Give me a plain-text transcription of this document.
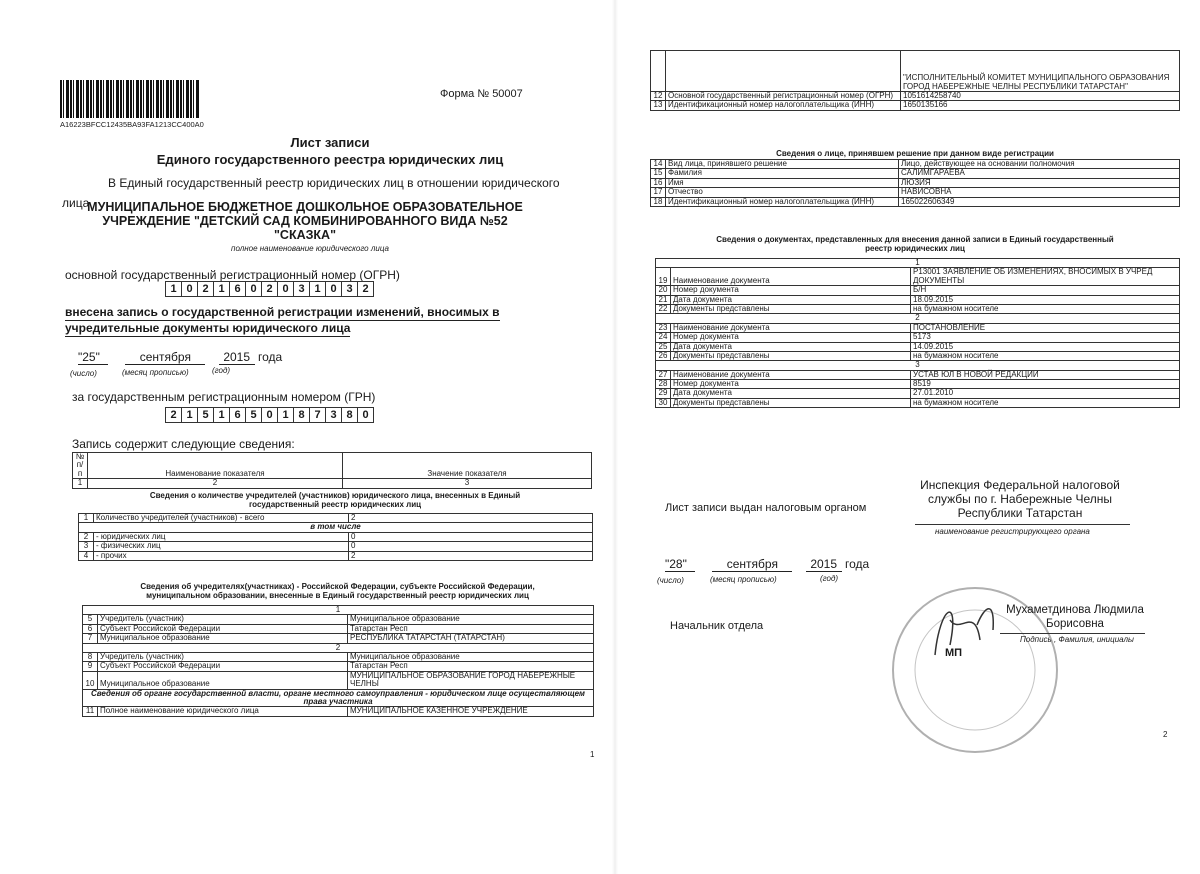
A16223BFCC12435BA93FA1213CC400A0
Форма № 50007
Лист записи
Единого государственного реестра юридических лиц
В Единый государственный реестр юридических лиц в отношении юридического
лица
МУНИЦИПАЛЬНОЕ БЮДЖЕТНОЕ ДОШКОЛЬНОЕ ОБРАЗОВАТЕЛЬНОЕ
УЧРЕЖДЕНИЕ "ДЕТСКИЙ САД КОМБИНИРОВАННОГО ВИДА №52
"СКАЗКА"
полное наименование юридического лица
основной государственный регистрационный номер (ОГРН)
1 0 2 1 6 0 2 0 3 1 0 3 2
внесена запись о государственной регистрации изменений, вносимых в
учредительные документы юридического лица
"25"	сентября	2015 года
(число)	(месяц прописью)	(год)
за государственным регистрационным номером (ГРН)
2 1 5 1 6 5 0 1 8 7 3 8 0
Запись содержит следующие сведения:
№ п/п	Наименование показателя	Значение показателя
1	2	3
Сведения о количестве учредителей (участников) юридического лица, внесенных в Единый
государственный реестр юридических лиц
1	Количество учредителей (участников) - всего	2
в том числе		
2	- юридических лиц	0
3	- физических лиц	0
4	- прочих	2
Сведения об учредителях(участниках) - Российской Федерации, субъекте Российской Федерации,
муниципальном образовании, внесенные в Единый государственный реестр юридических лиц
1		
5	Учредитель (участник)	Муниципальное образование
6	Субъект Российской Федерации	Татарстан Респ
7	Муниципальное образование	РЕСПУБЛИКА ТАТАРСТАН (ТАТАРСТАН)
2		
8	Учредитель (участник)	Муниципальное образование
9	Субъект Российской Федерации	Татарстан Респ
10	Муниципальное образование	МУНИЦИПАЛЬНОЕ ОБРАЗОВАНИЕ ГОРОД НАБЕРЕЖНЫЕ ЧЕЛНЫ
Сведения об органе государственной власти, органе местного самоуправления - юридическом лице осуществляющем права участника		
11	Полное наименование юридического лица	МУНИЦИПАЛЬНОЕ КАЗЕННОЕ УЧРЕЖДЕНИЕ
1
		"ИСПОЛНИТЕЛЬНЫЙ КОМИТЕТ МУНИЦИПАЛЬНОГО ОБРАЗОВАНИЯ ГОРОД НАБЕРЕЖНЫЕ ЧЕЛНЫ РЕСПУБЛИКИ ТАТАРСТАН"
12	Основной государственный регистрационный номер (ОГРН)	1051614258740
13	Идентификационный номер налогоплательщика (ИНН)	1650135166
Сведения о лице, принявшем решение при данном виде регистрации
14	Вид лица, принявшего решение	Лицо, действующее на основании полномочия
15	Фамилия	САЛИМГАРАЕВА
16	Имя	ЛЮЗИЯ
17	Отчество	НАВИСОВНА
18	Идентификационный номер налогоплательщика (ИНН)	165022606349
Сведения о документах, представленных для внесения данной записи в Единый государственный
реестр юридических лиц
1		
19	Наименование документа	Р13001 ЗАЯВЛЕНИЕ ОБ ИЗМЕНЕНИЯХ, ВНОСИМЫХ В УЧРЕД ДОКУМЕНТЫ
20	Номер документа	Б/Н
21	Дата документа	18.09.2015
22	Документы представлены	на бумажном носителе
2		
23	Наименование документа	ПОСТАНОВЛЕНИЕ
24	Номер документа	5173
25	Дата документа	14.09.2015
26	Документы представлены	на бумажном носителе
3		
27	Наименование документа	УСТАВ ЮЛ В НОВОЙ РЕДАКЦИИ
28	Номер документа	8519
29	Дата документа	27.01.2010
30	Документы представлены	на бумажном носителе
Лист записи выдан налоговым органом
Инспекция Федеральной налоговой
службы по г. Набережные Челны
Республики Татарстан
наименование регистрирующего органа
"28"	сентября	2015 года
(число)	(месяц прописью)	(год)
Начальник отдела
МП
Мухаметдинова Людмила
Борисовна
Подпись , Фамилия, инициалы
2
